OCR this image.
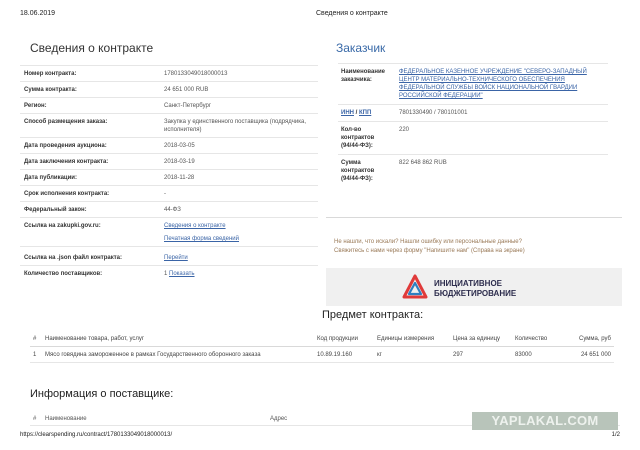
18.06.2019	Сведения о контракте
Сведения о контракте
Номер контракта:	1780133049018000013
Сумма контракта:	24 651 000 RUB
Регион:	Санкт-Петербург
Способ размещения заказа:	Закупка у единственного поставщика (подрядчика, исполнителя)
Дата проведения аукциона:	2018-03-05
Дата заключения контракта:	2018-03-19
Дата публикации:	2018-11-28
Срок исполнения контракта:	-
Федеральный закон:	44-ФЗ
Ссылка на zakupki.gov.ru:	Сведения о контракте

Печатная форма сведений
Ссылка на .json файл контракта:	Перейти
Количество поставщиков:	1 Показать
Заказчик
Наименование заказчика:	ФЕДЕРАЛЬНОЕ КАЗЕННОЕ УЧРЕЖДЕНИЕ "СЕВЕРО-ЗАПАДНЫЙ ЦЕНТР МАТЕРИАЛЬНО-ТЕХНИЧЕСКОГО ОБЕСПЕЧЕНИЯ ФЕДЕРАЛЬНОЙ СЛУЖБЫ ВОЙСК НАЦИОНАЛЬНОЙ ГВАРДИИ РОССИЙСКОЙ ФЕДЕРАЦИИ"
ИНН / КПП	7801330490 / 780101001
Кол-во контрактов (94/44-ФЗ):	220
Сумма контрактов (94/44-ФЗ):	822 648 862 RUB
Не нашли, что искали? Нашли ошибку или персональные данные?
Свяжитесь с нами через форму "Напишите нам" (Справа на экране)
ИНИЦИАТИВНОЕ
БЮДЖЕТИРОВАНИЕ
Предмет контракта:
#	Наименование товара, работ, услуг	Код продукции	Единицы измерения	Цена за единицу	Количество	Сумма, руб
1	Мясо говядина замороженное в рамках Государственного оборонного заказа	10.89.19.160	кг	297	83000	24 651 000
Информация о поставщике:
# Наименование	Адрес	YAPLAKAL.COM
https://clearspending.ru/contract/1780133049018000013/	1/2
